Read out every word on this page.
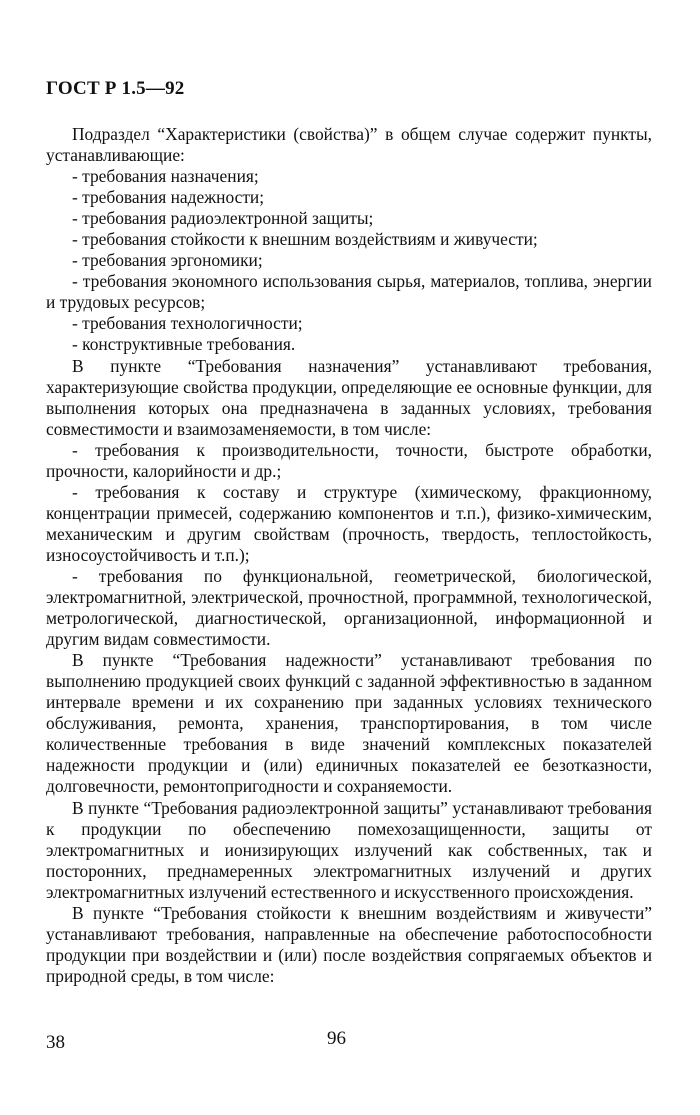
ГОСТ Р 1.5—92

Подраздел “Характеристики (свойства)” в общем случае содержит пункты, устанавливающие:

- требования назначения;

- требования надежности;

- требования радиоэлектронной защиты;

- требования стойкости к внешним воздействиям и живучести;

- требования эргономики;

- требования экономного использования сырья, материалов, топлива, энергии и трудовых ресурсов;

- требования технологичности;

- конструктивные требования.

В пункте “Требования назначения” устанавливают требования, характеризующие свойства продукции, определяющие ее основные функции, для выполнения которых она предназначена в заданных условиях, требования совместимости и взаимозаменяемости, в том числе:

- требования к производительности, точности, быстроте обработки, прочности, калорийности и др.;

- требования к составу и структуре (химическому, фракционному, концентрации примесей, содержанию компонентов и т.п.), физико-химическим, механическим и другим свойствам (прочность, твердость, теплостойкость, износоустойчивость и т.п.);

- требования по функциональной, геометрической, биологической, электромагнитной, электрической, прочностной, программной, технологической, метрологической, диагностической, организационной, информационной и другим видам совместимости.

В пункте “Требования надежности” устанавливают требования по выполнению продукцией своих функций с заданной эффективностью в заданном интервале времени и их сохранению при заданных условиях технического обслуживания, ремонта, хранения, транспортирования, в том числе количественные требования в виде значений комплексных показателей надежности продукции и (или) единичных показателей ее безотказности, долговечности, ремонтопригодности и сохраняемости.

В пункте “Требования радиоэлектронной защиты” устанавливают требования к продукции по обеспечению помехозащищенности, защиты от электромагнитных и ионизирующих излучений как собственных, так и посторонних, преднамеренных электромагнитных излучений и других электромагнитных излучений естественного и искусственного происхождения.

В пункте “Требования стойкости к внешним воздействиям и живучести” устанавливают требования, направленные на обеспечение работоспособности продукции при воздействии и (или) после воздействия сопрягаемых объектов и природной среды, в том числе:

38	96
